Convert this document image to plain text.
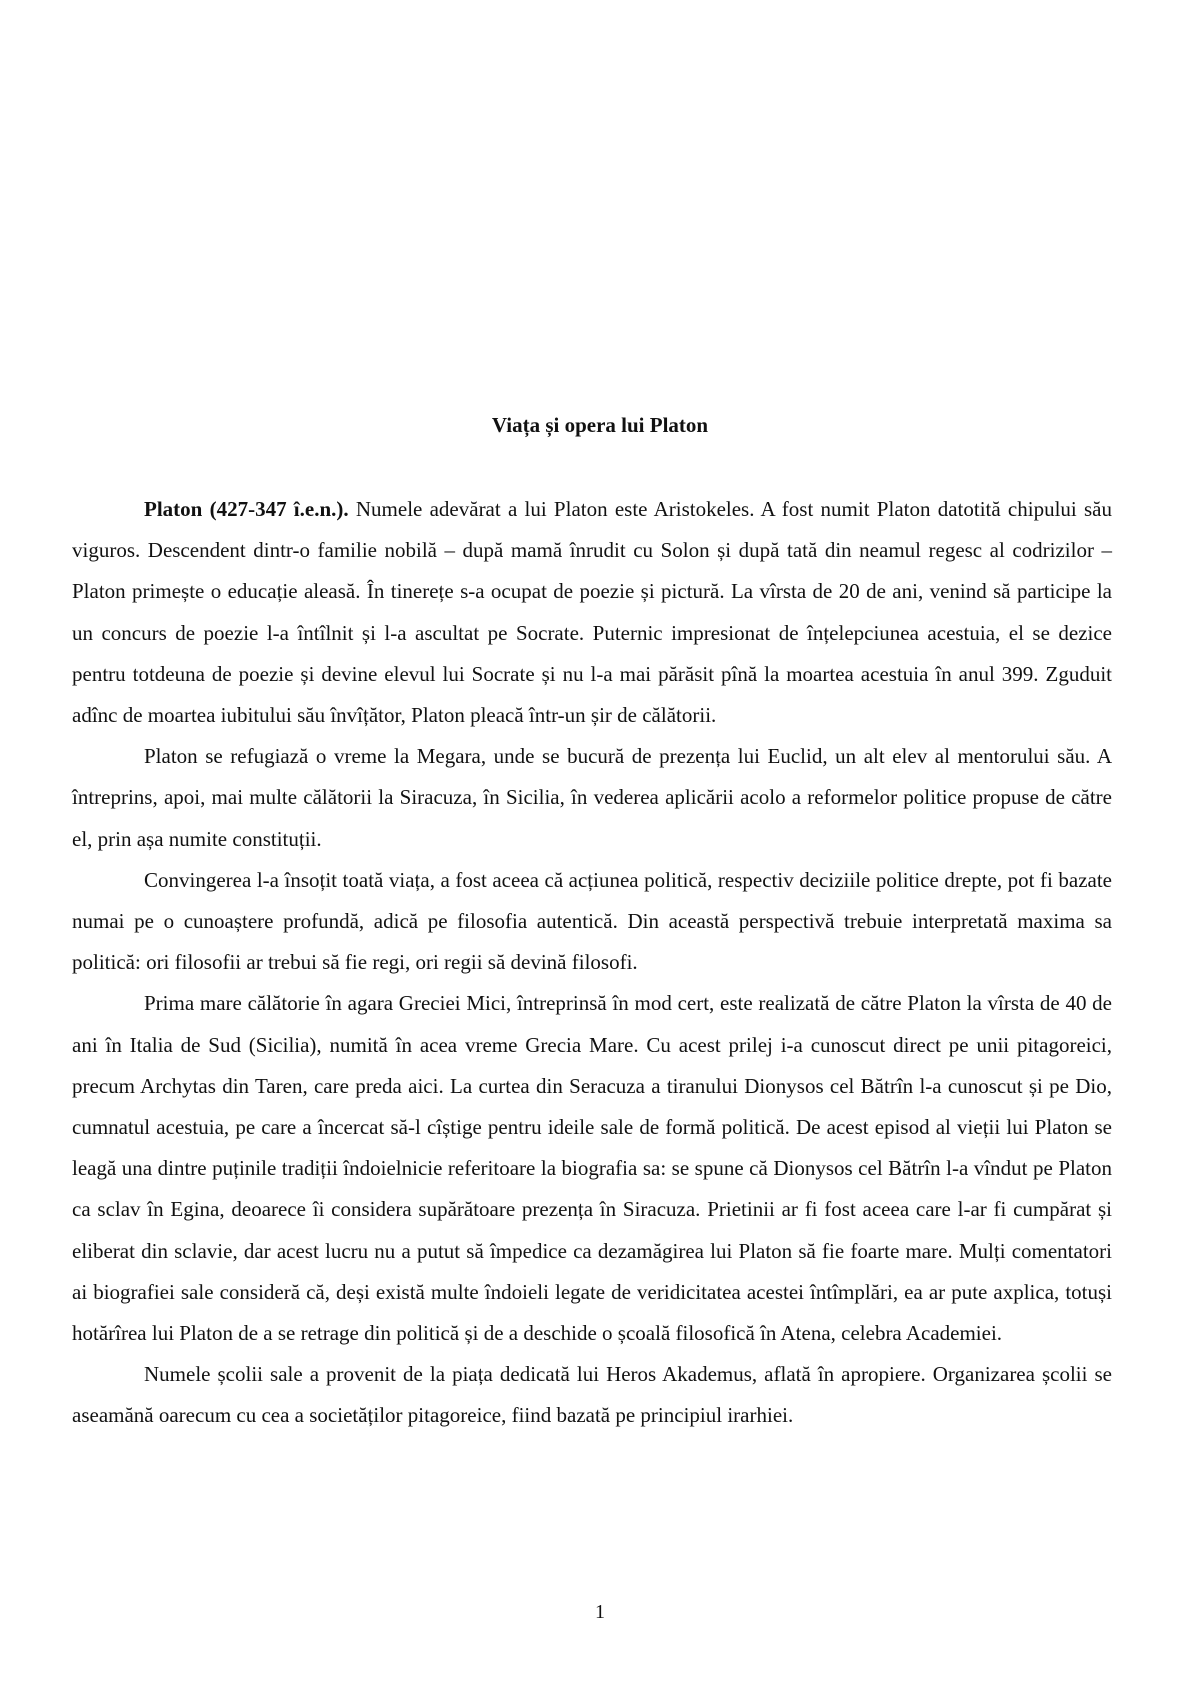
Viața și opera lui Platon

Platon (427-347 î.e.n.). Numele adevărat a lui Platon este Aristokeles. A fost numit Platon datotită chipului său viguros. Descendent dintr-o familie nobilă – după mamă înrudit cu Solon și după tată din neamul regesc al codrizilor – Platon primește o educație aleasă. În tinerețe s-a ocupat de poezie și pictură. La vîrsta de 20 de ani, venind să participe la un concurs de poezie l-a întîlnit și l-a ascultat pe Socrate. Puternic impresionat de înțelepciunea acestuia, el se dezice pentru totdeuna de poezie și devine elevul lui Socrate și nu l-a mai părăsit pînă la moartea acestuia în anul 399. Zguduit adînc de moartea iubitului său învîțător, Platon pleacă într-un șir de călătorii.

Platon se refugiază o vreme la Megara, unde se bucură de prezența lui Euclid, un alt elev al mentorului său. A întreprins, apoi, mai multe călătorii la Siracuza, în Sicilia, în vederea aplicării acolo a reformelor politice propuse de către el, prin așa numite constituții.

Convingerea l-a însoțit toată viața, a fost aceea că acțiunea politică, respectiv deciziile politice drepte, pot fi bazate numai pe o cunoaștere profundă, adică pe filosofia autentică. Din această perspectivă trebuie interpretată maxima sa politică: ori filosofii ar trebui să fie regi, ori regii să devină filosofi.

Prima mare călătorie în agara Greciei Mici, întreprinsă în mod cert, este realizată de către Platon la vîrsta de 40 de ani în Italia de Sud (Sicilia), numită în acea vreme Grecia Mare. Cu acest prilej i-a cunoscut direct pe unii pitagoreici, precum Archytas din Taren, care preda aici. La curtea din Seracuza a tiranului Dionysos cel Bătrîn l-a cunoscut și pe Dio, cumnatul acestuia, pe care a încercat să-l cîștige pentru ideile sale de formă politică. De acest episod al vieții lui Platon se leagă una dintre puținile tradiții îndoielnicie referitoare la biografia sa: se spune că Dionysos cel Bătrîn l-a vîndut pe Platon ca sclav în Egina, deoarece îi considera supărătoare prezența în Siracuza. Prietinii ar fi fost aceea care l-ar fi cumpărat și eliberat din sclavie, dar acest lucru nu a putut să împedice ca dezamăgirea lui Platon să fie foarte mare. Mulți comentatori ai biografiei sale consideră că, deși există multe îndoieli legate de veridicitatea acestei întîmplări, ea ar pute axplica, totuși hotărîrea lui Platon de a se retrage din politică și de a deschide o școală filosofică în Atena, celebra Academiei.

Numele școlii sale a provenit de la piața dedicată lui Heros Akademus, aflată în apropiere. Organizarea școlii se aseamănă oarecum cu cea a societăților pitagoreice, fiind bazată pe principiul irarhiei.

1
